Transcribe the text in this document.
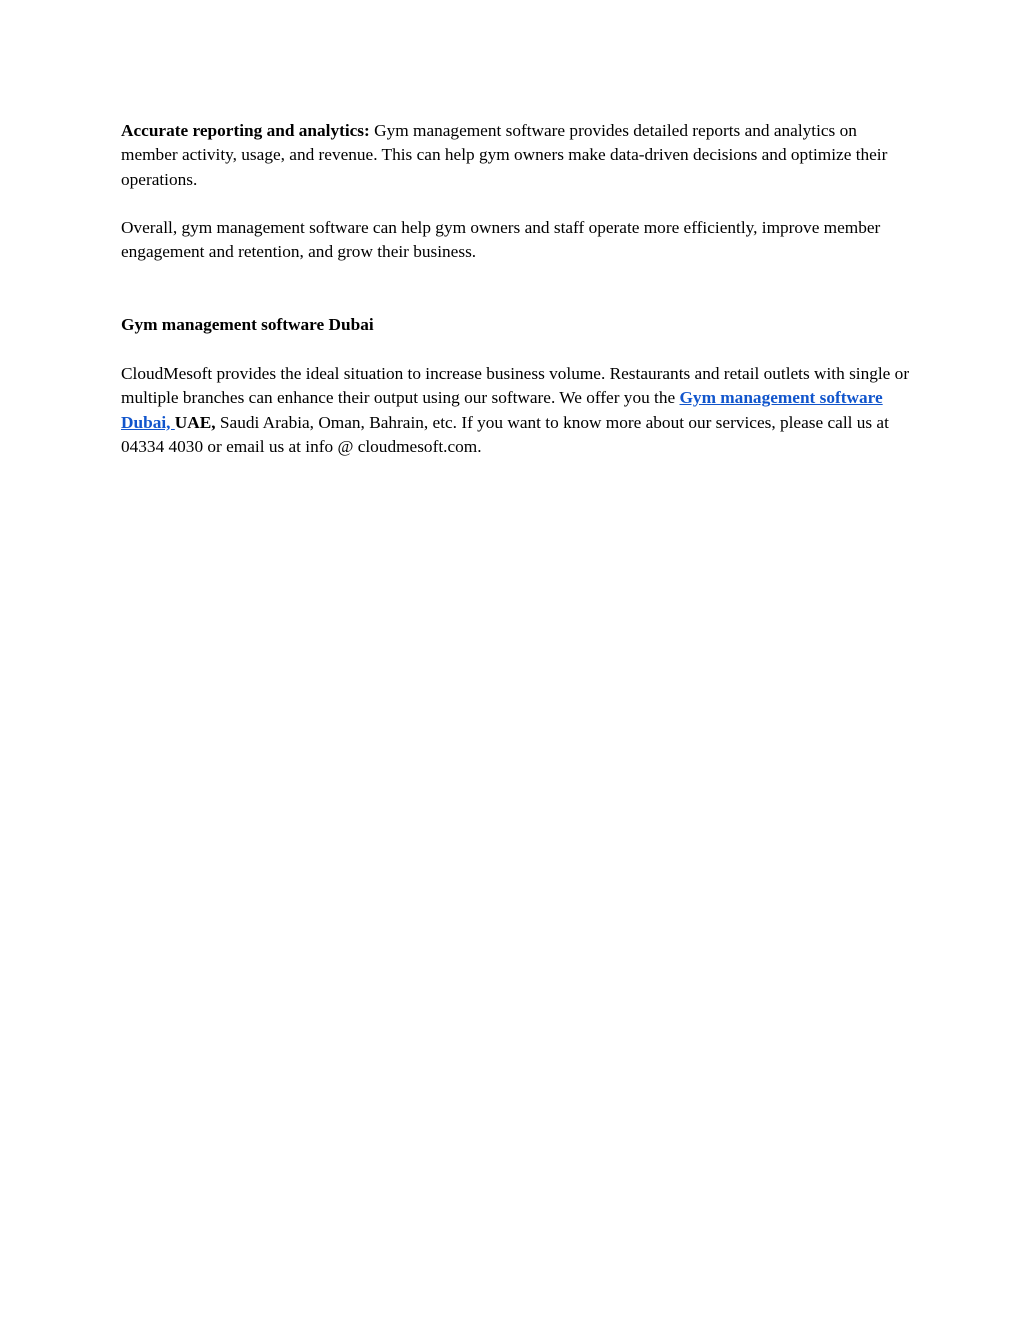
Accurate reporting and analytics: Gym management software provides detailed reports and analytics on member activity, usage, and revenue. This can help gym owners make data-driven decisions and optimize their operations.

Overall, gym management software can help gym owners and staff operate more efficiently, improve member engagement and retention, and grow their business.

Gym management software Dubai

CloudMesoft provides the ideal situation to increase business volume. Restaurants and retail outlets with single or multiple branches can enhance their output using our software. We offer you the Gym management software Dubai, UAE, Saudi Arabia, Oman, Bahrain, etc. If you want to know more about our services, please call us at 04334 4030 or email us at info @ cloudmesoft.com.
